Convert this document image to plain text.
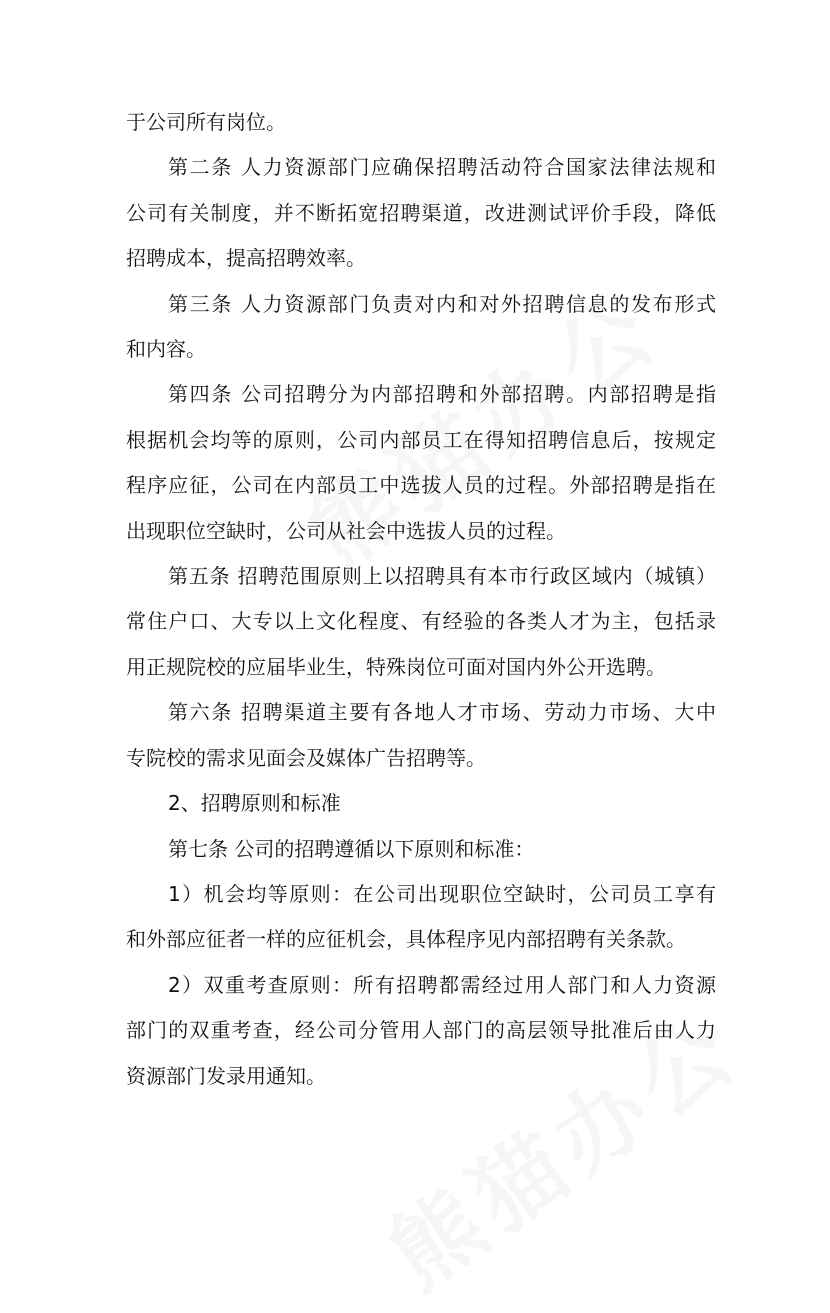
于公司所有岗位。

第二条 人力资源部门应确保招聘活动符合国家法律法规和

公司有关制度，并不断拓宽招聘渠道，改进测试评价手段，降低

招聘成本，提高招聘效率。

第三条 人力资源部门负责对内和对外招聘信息的发布形式

和内容。

第四条 公司招聘分为内部招聘和外部招聘。内部招聘是指

根据机会均等的原则，公司内部员工在得知招聘信息后，按规定

程序应征，公司在内部员工中选拔人员的过程。外部招聘是指在

出现职位空缺时，公司从社会中选拔人员的过程。

第五条 招聘范围原则上以招聘具有本市行政区域内（城镇）

常住户口、大专以上文化程度、有经验的各类人才为主，包括录

用正规院校的应届毕业生，特殊岗位可面对国内外公开选聘。

第六条 招聘渠道主要有各地人才市场、劳动力市场、大中

专院校的需求见面会及媒体广告招聘等。

2、招聘原则和标准

第七条 公司的招聘遵循以下原则和标准：

1）机会均等原则：在公司出现职位空缺时，公司员工享有

和外部应征者一样的应征机会，具体程序见内部招聘有关条款。

2）双重考查原则：所有招聘都需经过用人部门和人力资源

部门的双重考查，经公司分管用人部门的高层领导批准后由人力

资源部门发录用通知。
